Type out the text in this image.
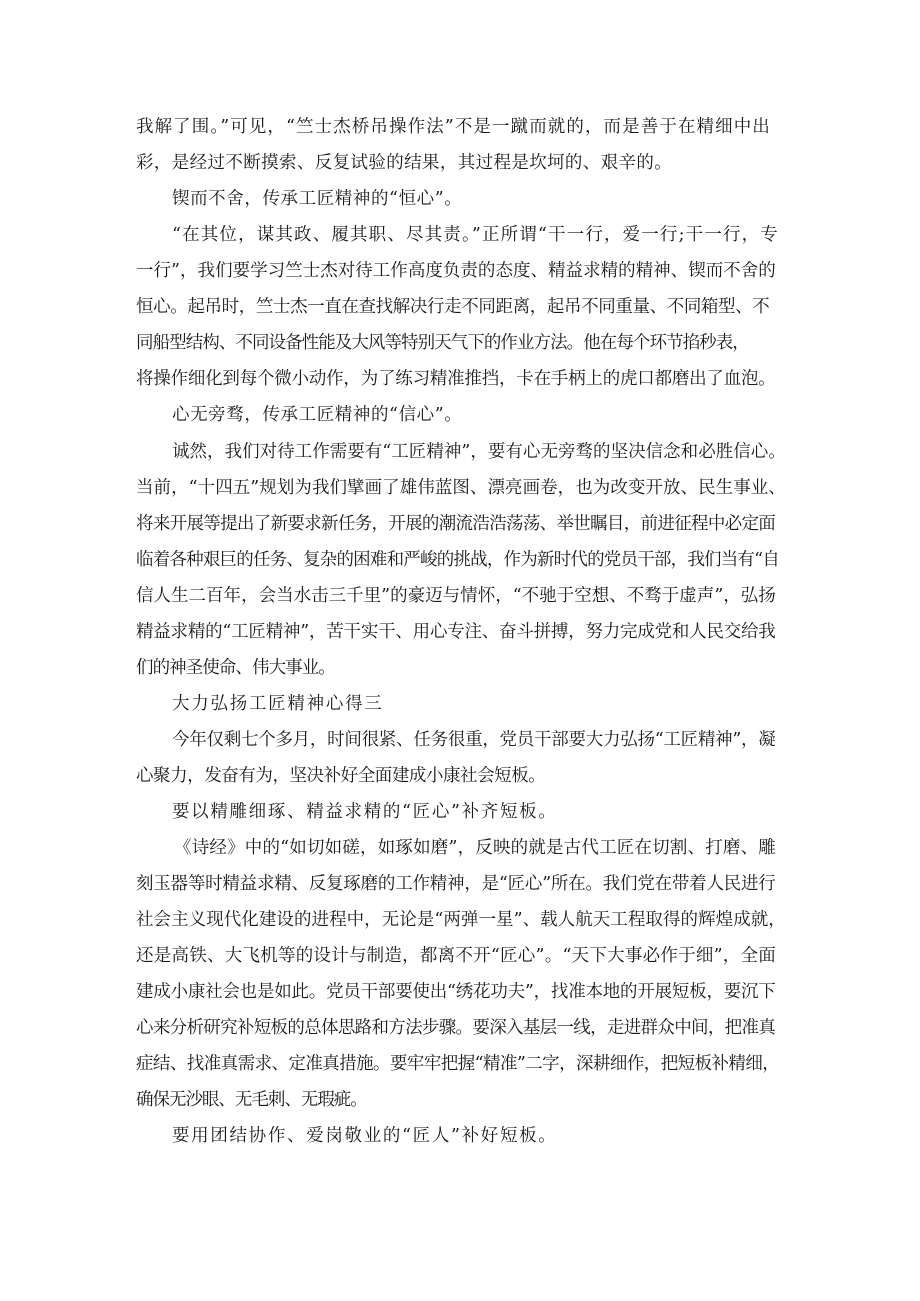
我解了围。”可见，“竺士杰桥吊操作法”不是一蹴而就的，而是善于在精细中出
彩，是经过不断摸索、反复试验的结果，其过程是坎坷的、艰辛的。
锲而不舍，传承工匠精神的“恒心”。
“在其位，谋其政、履其职、尽其责。”正所谓“干一行，爱一行;干一行，专
一行”，我们要学习竺士杰对待工作高度负责的态度、精益求精的精神、锲而不舍的
恒心。起吊时，竺士杰一直在查找解决行走不同距离，起吊不同重量、不同箱型、不
同船型结构、不同设备性能及大风等特别天气下的作业方法。他在每个环节掐秒表，
将操作细化到每个微小动作，为了练习精准推挡，卡在手柄上的虎口都磨出了血泡。
心无旁骛，传承工匠精神的“信心”。
诚然，我们对待工作需要有“工匠精神”，要有心无旁骛的坚决信念和必胜信心。
当前，“十四五”规划为我们擘画了雄伟蓝图、漂亮画卷，也为改变开放、民生事业、
将来开展等提出了新要求新任务，开展的潮流浩浩荡荡、举世瞩目，前进征程中必定面
临着各种艰巨的任务、复杂的困难和严峻的挑战，作为新时代的党员干部，我们当有“自
信人生二百年，会当水击三千里”的豪迈与情怀，“不驰于空想、不骛于虚声”，弘扬
精益求精的“工匠精神”，苦干实干、用心专注、奋斗拼搏，努力完成党和人民交给我
们的神圣使命、伟大事业。
大力弘扬工匠精神心得三
今年仅剩七个多月，时间很紧、任务很重，党员干部要大力弘扬“工匠精神”，凝
心聚力，发奋有为，坚决补好全面建成小康社会短板。
要以精雕细琢、精益求精的“匠心”补齐短板。
《诗经》中的“如切如磋，如琢如磨”，反映的就是古代工匠在切割、打磨、雕
刻玉器等时精益求精、反复琢磨的工作精神，是“匠心”所在。我们党在带着人民进行
社会主义现代化建设的进程中，无论是“两弹一星”、载人航天工程取得的辉煌成就，
还是高铁、大飞机等的设计与制造，都离不开“匠心”。“天下大事必作于细”，全面
建成小康社会也是如此。党员干部要使出“绣花功夫”，找准本地的开展短板，要沉下
心来分析研究补短板的总体思路和方法步骤。要深入基层一线，走进群众中间，把准真
症结、找准真需求、定准真措施。要牢牢把握“精准”二字，深耕细作，把短板补精细，
确保无沙眼、无毛刺、无瑕疵。
要用团结协作、爱岗敬业的“匠人”补好短板。
